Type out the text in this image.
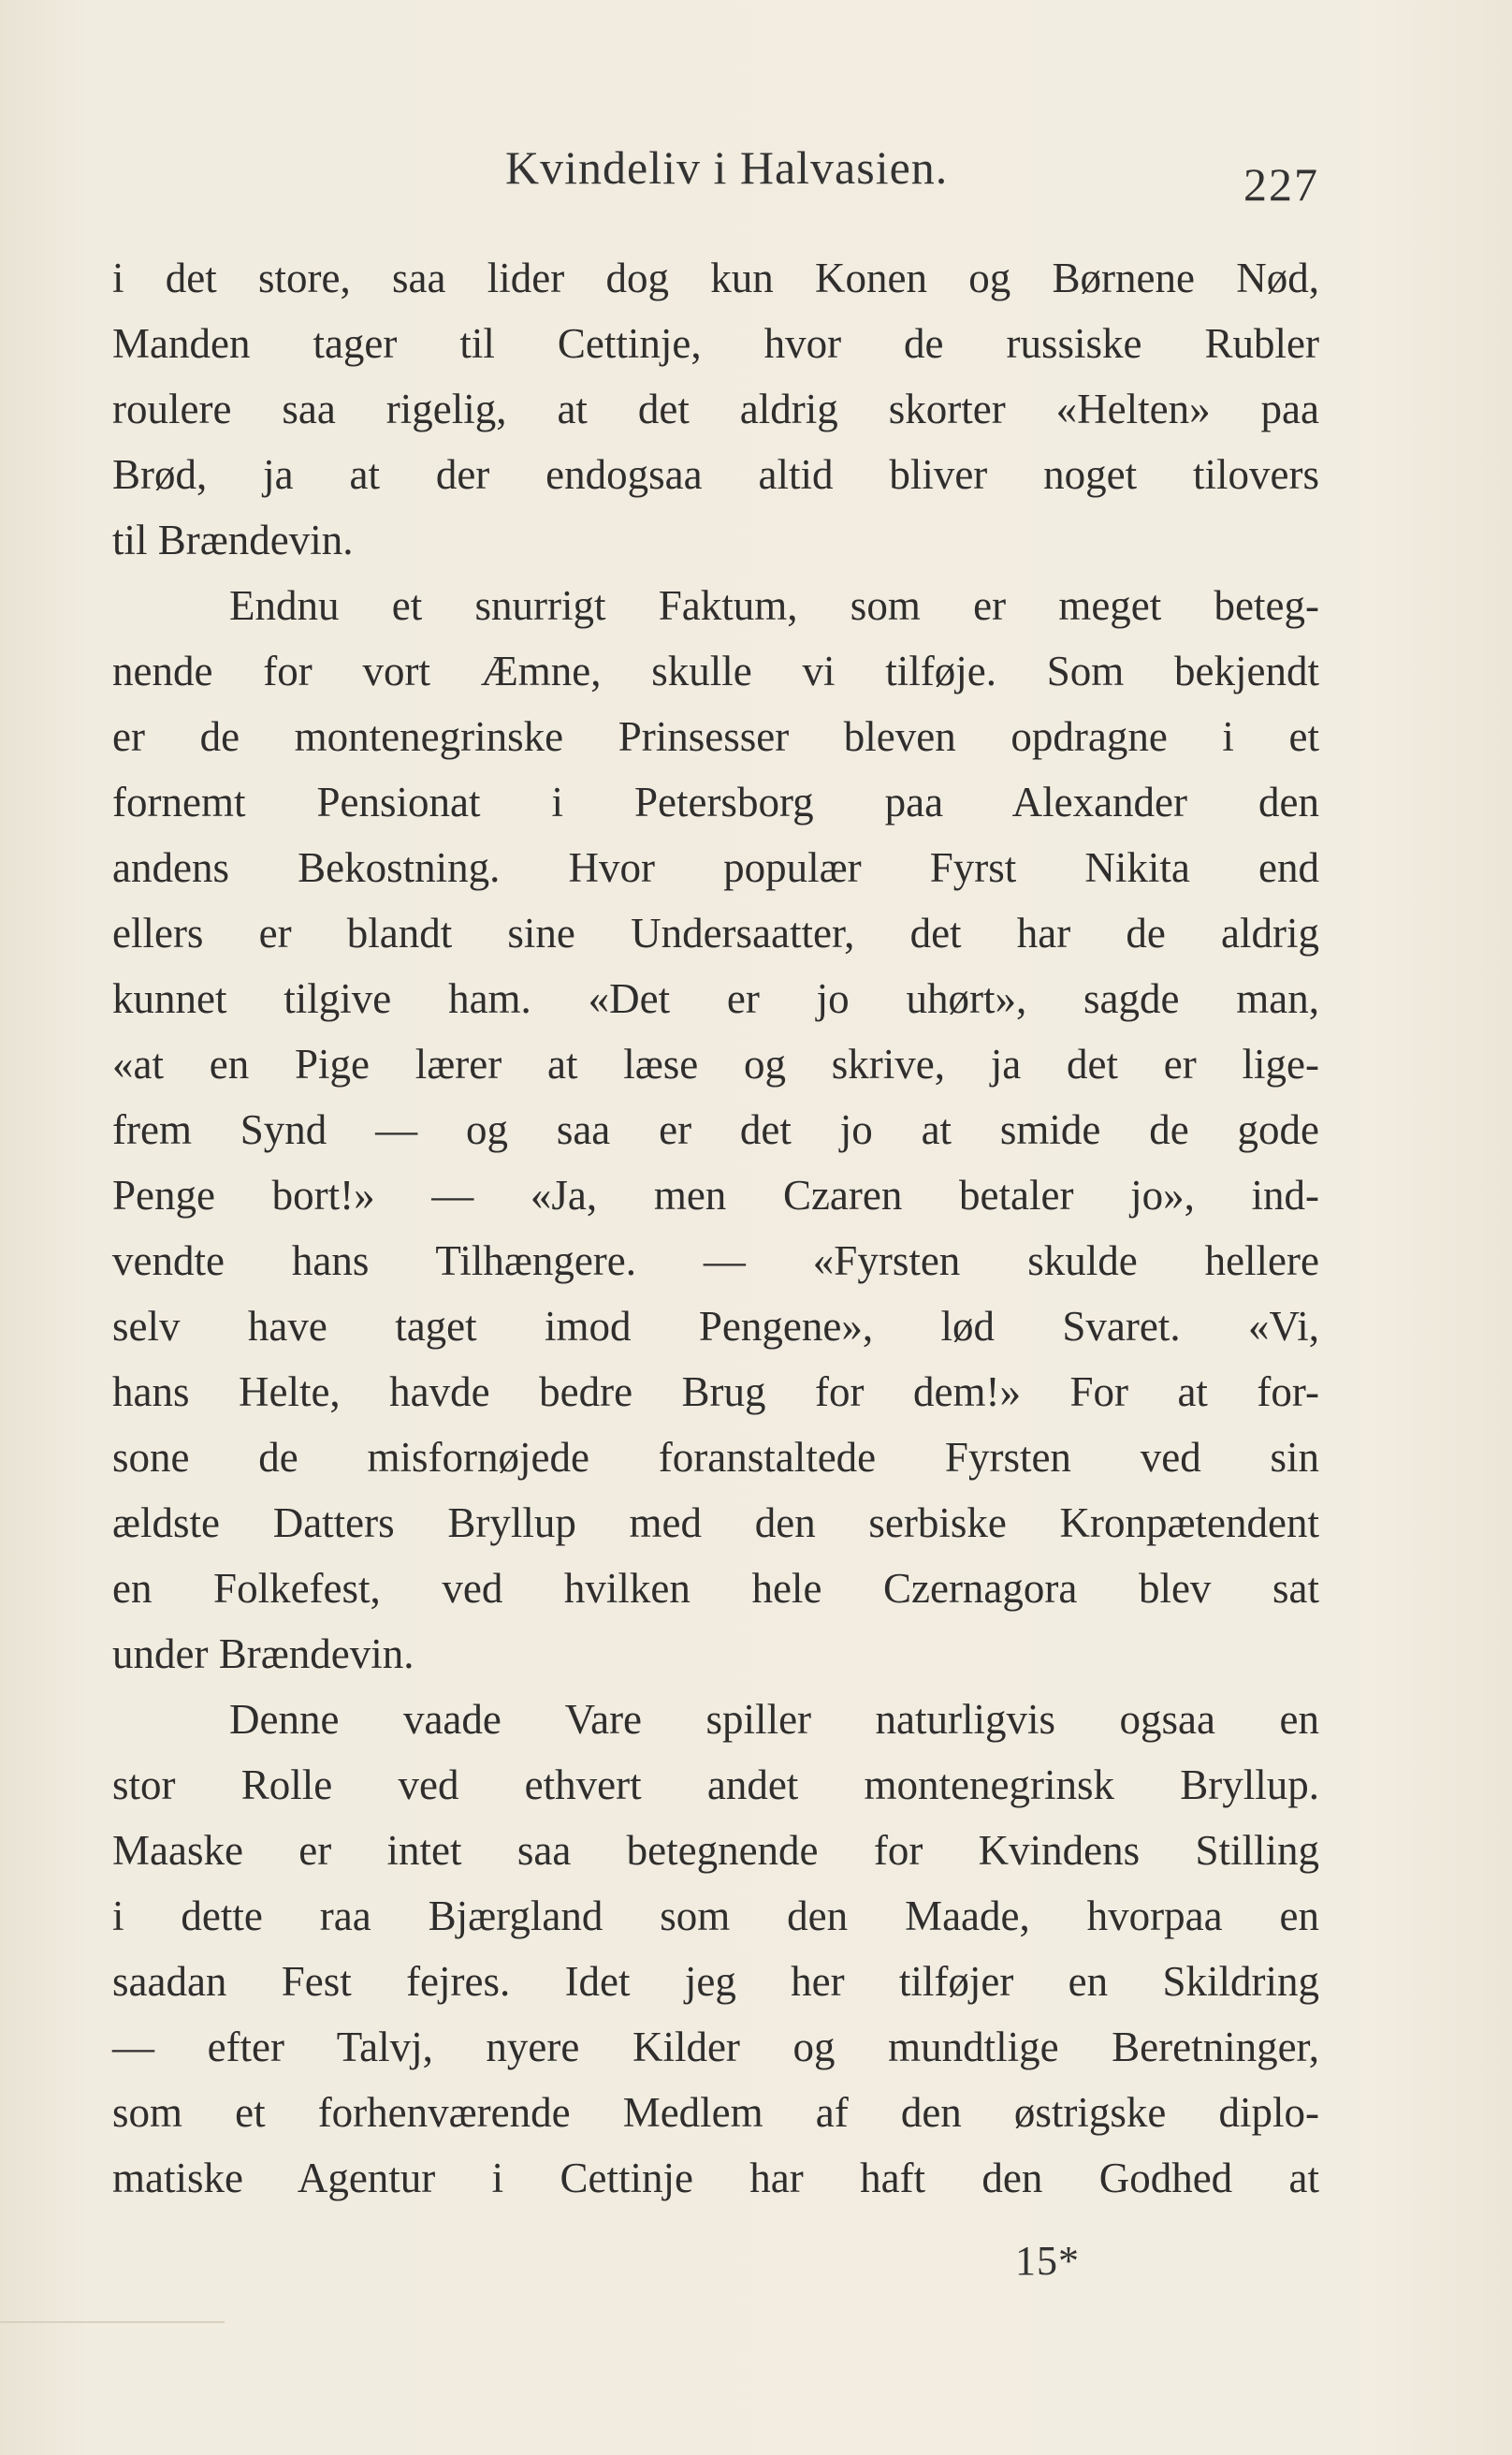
Kvindeliv i Halvasien.	227
i det store, saa lider dog kun Konen og Børnene Nød,
Manden tager til Cettinje, hvor de russiske Rubler
roulere saa rigelig, at det aldrig skorter «Helten» paa
Brød, ja at der endogsaa altid bliver noget tilovers
til Brændevin.
Endnu et snurrigt Faktum, som er meget beteg-
nende for vort Æmne, skulle vi tilføje. Som bekjendt
er de montenegrinske Prinsesser bleven opdragne i et
fornemt Pensionat i Petersborg paa Alexander den
andens Bekostning. Hvor populær Fyrst Nikita end
ellers er blandt sine Undersaatter, det har de aldrig
kunnet tilgive ham. «Det er jo uhørt», sagde man,
«at en Pige lærer at læse og skrive, ja det er lige-
frem Synd — og saa er det jo at smide de gode
Penge bort!» — «Ja, men Czaren betaler jo», ind-
vendte hans Tilhængere. — «Fyrsten skulde hellere
selv have taget imod Pengene», lød Svaret. «Vi,
hans Helte, havde bedre Brug for dem!» For at for-
sone de misfornøjede foranstaltede Fyrsten ved sin
ældste Datters Bryllup med den serbiske Kronpætendent
en Folkefest, ved hvilken hele Czernagora blev sat
under Brændevin.
Denne vaade Vare spiller naturligvis ogsaa en
stor Rolle ved ethvert andet montenegrinsk Bryllup.
Maaske er intet saa betegnende for Kvindens Stilling
i dette raa Bjærgland som den Maade, hvorpaa en
saadan Fest fejres. Idet jeg her tilføjer en Skildring
— efter Talvj, nyere Kilder og mundtlige Beretninger,
som et forhenværende Medlem af den østrigske diplo-
matiske Agentur i Cettinje har haft den Godhed at
15*
